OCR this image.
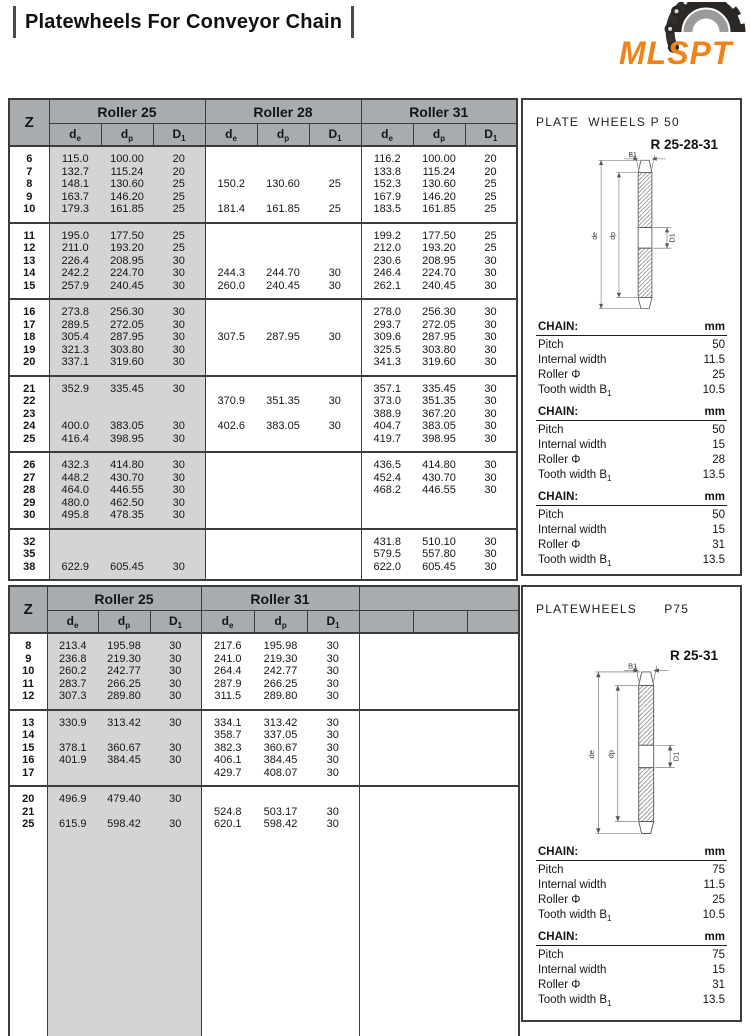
Platewheels For Conveyor Chain
MLSPT
Z	Roller 25			Roller 28			Roller 31		
	$d_e$	$d_p$	$D_1$	$d_e$	$d_p$	$D_1$	$d_e$	$d_p$	$D_1$
6	115.0	100.00	20				116.2	100.00	20
7	132.7	115.24	20				133.8	115.24	20
8	148.1	130.60	25	150.2	130.60	25	152.3	130.60	25
9	163.7	146.20	25				167.9	146.20	25
10	179.3	161.85	25	181.4	161.85	25	183.5	161.85	25
11	195.0	177.50	25				199.2	177.50	25
12	211.0	193.20	25				212.0	193.20	25
13	226.4	208.95	30				230.6	208.95	30
14	242.2	224.70	30	244.3	244.70	30	246.4	224.70	30
15	257.9	240.45	30	260.0	240.45	30	262.1	240.45	30
16	273.8	256.30	30				278.0	256.30	30
17	289.5	272.05	30				293.7	272.05	30
18	305.4	287.95	30	307.5	287.95	30	309.6	287.95	30
19	321.3	303.80	30				325.5	303.80	30
20	337.1	319.60	30				341.3	319.60	30
21	352.9	335.45	30				357.1	335.45	30
22				370.9	351.35	30	373.0	351.35	30
23							388.9	367.20	30
24	400.0	383.05	30	402.6	383.05	30	404.7	383.05	30
25	416.4	398.95	30				419.7	398.95	30
26	432.3	414.80	30				436.5	414.80	30
27	448.2	430.70	30				452.4	430.70	30
28	464.0	446.55	30				468.2	446.55	30
29	480.0	462.50	30						
30	495.8	478.35	30						
32							431.8	510.10	30
35							579.5	557.80	30
38	622.9	605.45	30				622.0	605.45	30
Z	Roller 25			Roller 31					
	$d_e$	$d_p$	$D_1$	$d_e$	$d_p$	$D_1$			
8	213.4	195.98	30	217.6	195.98	30			
9	236.8	219.30	30	241.0	219.30	30			
10	260.2	242.77	30	264.4	242.77	30			
11	283.7	266.25	30	287.9	266.25	30			
12	307.3	289.80	30	311.5	289.80	30			
13	330.9	313.42	30	334.1	313.42	30			
14				358.7	337.05	30			
15	378.1	360.67	30	382.3	360.67	30			
16	401.9	384.45	30	406.1	384.45	30			
17				429.7	408.07	30			
20	496.9	479.40	30						
21				524.8	503.17	30			
25	615.9	598.42	30	620.1	598.42	30			

PLATE  WHEELS P 50
R 25-28-31
B1
de dp	D1
CHAIN:	mm
Pitch	50
Internal width	11.5
Roller Φ	25
Tooth width $B_1$	10.5
CHAIN:	mm
Pitch	50
Internal width	15
Roller Φ	28
Tooth width $B_1$	13.5
CHAIN:	mm
Pitch	50
Internal width	15
Roller Φ	31
Tooth width $B_1$	13.5
PLATEWHEELS      P75
R 25-31
B1
de dp	D1
CHAIN:	mm
Pitch	75
Internal width	11.5
Roller Φ	25
Tooth width $B_1$	10.5
CHAIN:	mm
Pitch	75
Internal width	15
Roller Φ	31
Tooth width $B_1$	13.5
